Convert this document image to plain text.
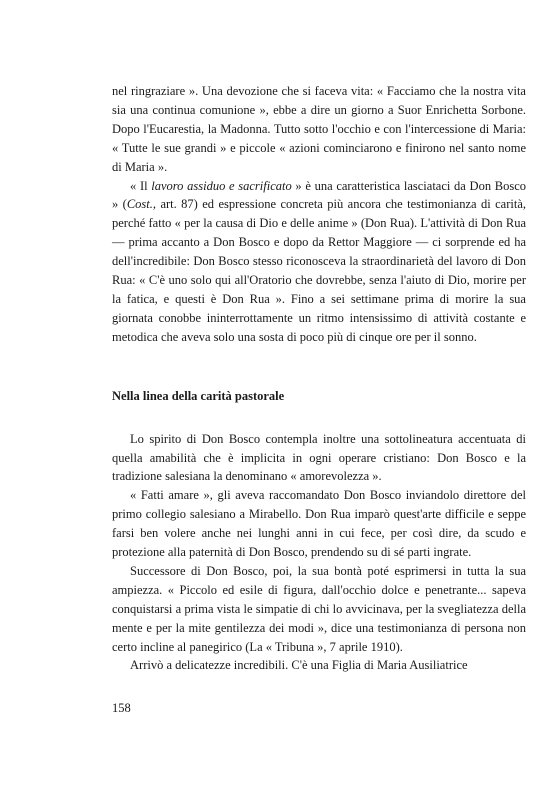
nel ringraziare ». Una devozione che si faceva vita: « Facciamo che la nostra vita sia una continua comunione », ebbe a dire un giorno a Suor Enrichetta Sorbone. Dopo l'Eucarestia, la Madonna. Tutto sotto l'occhio e con l'intercessione di Maria: « Tutte le sue grandi » e piccole « azioni cominciarono e finirono nel santo nome di Maria ».

« Il lavoro assiduo e sacrificato » è una caratteristica lasciataci da Don Bosco » (Cost., art. 87) ed espressione concreta più ancora che testimonianza di carità, perché fatto « per la causa di Dio e delle anime » (Don Rua). L'attività di Don Rua — prima accanto a Don Bosco e dopo da Rettor Maggiore — ci sorprende ed ha dell'incredibile: Don Bosco stesso riconosceva la straordinarietà del lavoro di Don Rua: « C'è uno solo qui all'Oratorio che dovrebbe, senza l'aiuto di Dio, morire per la fatica, e questi è Don Rua ». Fino a sei settimane prima di morire la sua giornata conobbe ininterrottamente un ritmo intensissimo di attività costante e metodica che aveva solo una sosta di poco più di cinque ore per il sonno.

Nella linea della carità pastorale

Lo spirito di Don Bosco contempla inoltre una sottolineatura accentuata di quella amabilità che è implicita in ogni operare cristiano: Don Bosco e la tradizione salesiana la denominano « amorevolezza ».

« Fatti amare », gli aveva raccomandato Don Bosco inviandolo direttore del primo collegio salesiano a Mirabello. Don Rua imparò quest'arte difficile e seppe farsi ben volere anche nei lunghi anni in cui fece, per così dire, da scudo e protezione alla paternità di Don Bosco, prendendo su di sé parti ingrate.

Successore di Don Bosco, poi, la sua bontà poté esprimersi in tutta la sua ampiezza. « Piccolo ed esile di figura, dall'occhio dolce e penetrante... sapeva conquistarsi a prima vista le simpatie di chi lo avvicinava, per la svegliatezza della mente e per la mite gentilezza dei modi », dice una testimonianza di persona non certo incline al panegirico (La « Tribuna », 7 aprile 1910).

Arrivò a delicatezze incredibili. C'è una Figlia di Maria Ausiliatrice

158
